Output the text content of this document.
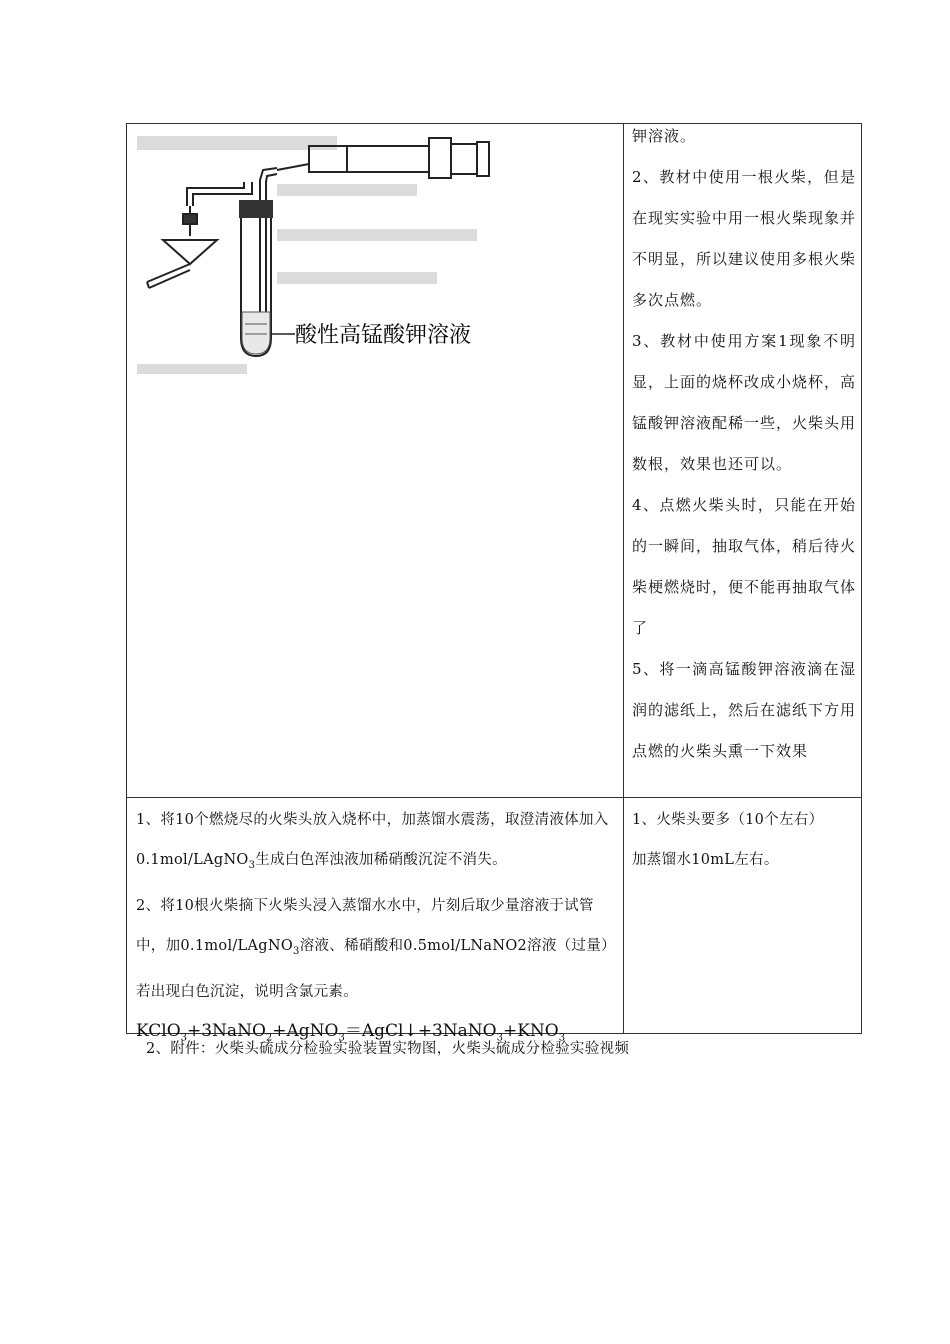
酸性高锰酸钾溶液
钾溶液。
2、教材中使用一根火柴，但是在现实实验中用一根火柴现象并不明显，所以建议使用多根火柴多次点燃。
3、教材中使用方案1现象不明显，上面的烧杯改成小烧杯，高锰酸钾溶液配稀一些，火柴头用数根，效果也还可以。
4、点燃火柴头时，只能在开始的一瞬间，抽取气体，稍后待火柴梗燃烧时，便不能再抽取气体了
5、将一滴高锰酸钾溶液滴在湿润的滤纸上，然后在滤纸下方用点燃的火柴头熏一下效果
1、将10个燃烧尽的火柴头放入烧杯中，加蒸馏水震荡，取澄清液体加入0.1mol/LAgNO$_3$生成白色浑浊液加稀硝酸沉淀不消失。
2、将10根火柴摘下火柴头浸入蒸馏水水中，片刻后取少量溶液于试管中，加0.1mol/LAgNO$_3$溶液、稀硝酸和0.5mol/LNaNO2溶液（过量）若出现白色沉淀，说明含氯元素。
$KClO_3+3NaNO_2+AgNO_3=AgCl↓+3NaNO_3+KNO_3$
1、火柴头要多（10个左右）
加蒸馏水10mL左右。
2、附件：火柴头硫成分检验实验装置实物图，火柴头硫成分检验实验视频
